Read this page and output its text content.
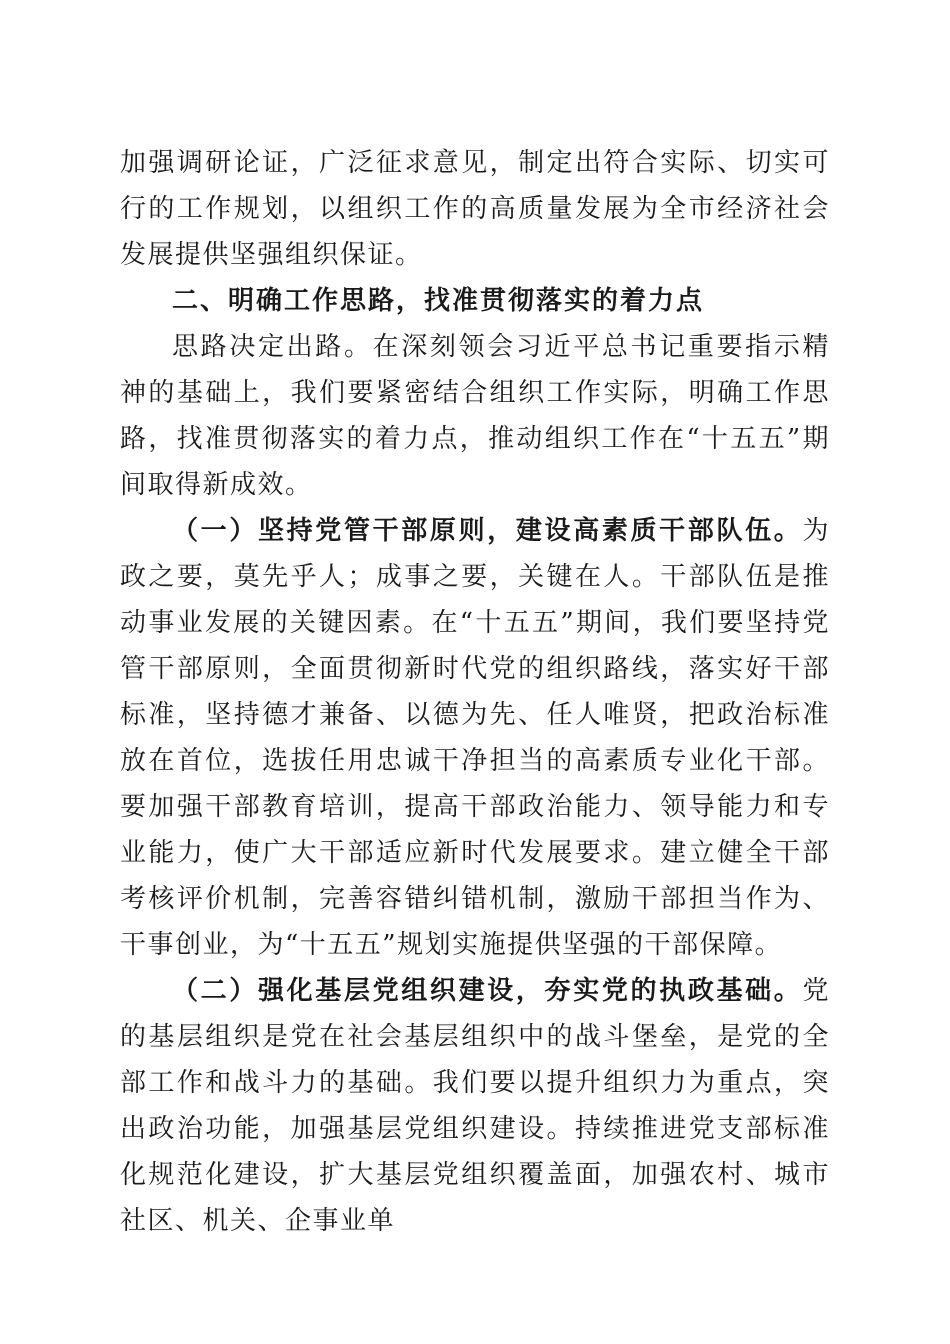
加强调研论证，广泛征求意见，制定出符合实际、切实可行的工作规划，以组织工作的高质量发展为全市经济社会发展提供坚强组织保证。

二、明确工作思路，找准贯彻落实的着力点

思路决定出路。在深刻领会习近平总书记重要指示精神的基础上，我们要紧密结合组织工作实际，明确工作思路，找准贯彻落实的着力点，推动组织工作在“十五五”期间取得新成效。

（一）坚持党管干部原则，建设高素质干部队伍。为政之要，莫先乎人；成事之要，关键在人。干部队伍是推动事业发展的关键因素。在“十五五”期间，我们要坚持党管干部原则，全面贯彻新时代党的组织路线，落实好干部标准，坚持德才兼备、以德为先、任人唯贤，把政治标准放在首位，选拔任用忠诚干净担当的高素质专业化干部。要加强干部教育培训，提高干部政治能力、领导能力和专业能力，使广大干部适应新时代发展要求。建立健全干部考核评价机制，完善容错纠错机制，激励干部担当作为、干事创业，为“十五五”规划实施提供坚强的干部保障。

（二）强化基层党组织建设，夯实党的执政基础。党的基层组织是党在社会基层组织中的战斗堡垒，是党的全部工作和战斗力的基础。我们要以提升组织力为重点，突出政治功能，加强基层党组织建设。持续推进党支部标准化规范化建设，扩大基层党组织覆盖面，加强农村、城市社区、机关、企事业单
